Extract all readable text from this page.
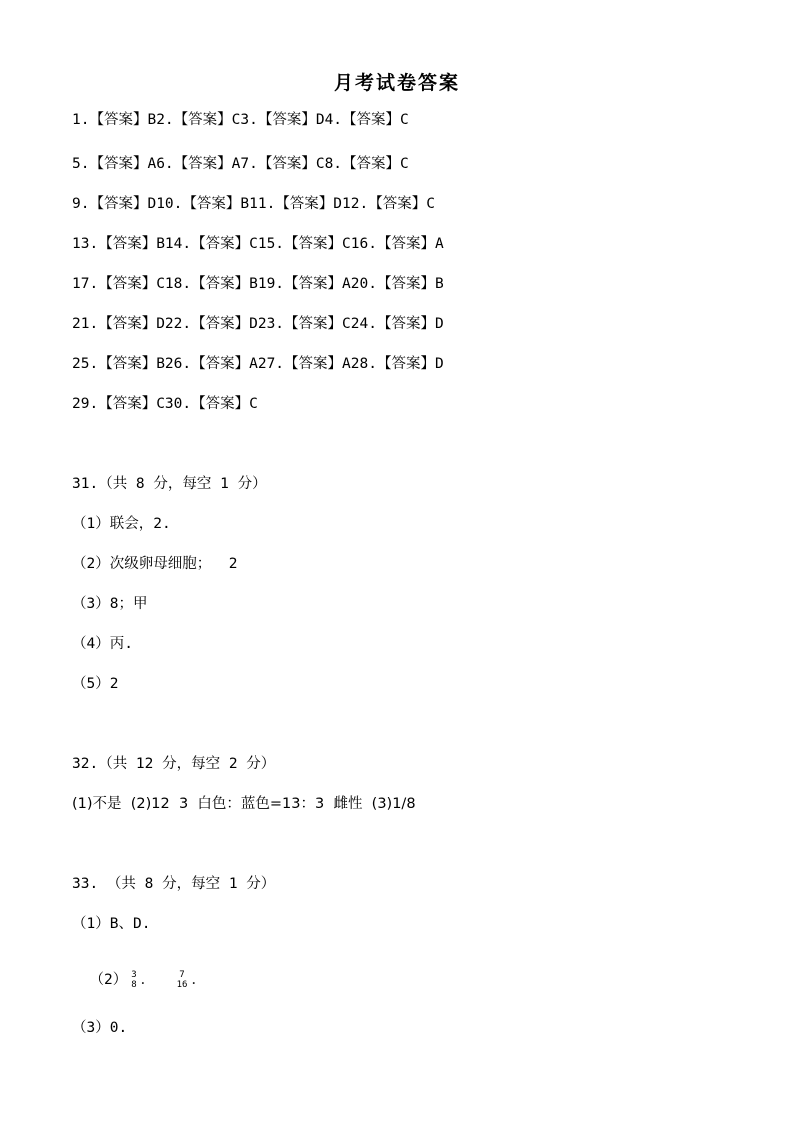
月考试卷答案
1.【答案】B2.【答案】C3.【答案】D4.【答案】C
5.【答案】A6.【答案】A7.【答案】C8.【答案】C
9.【答案】D10.【答案】B11.【答案】D12.【答案】C
13.【答案】B14.【答案】C15.【答案】C16.【答案】A
17.【答案】C18.【答案】B19.【答案】A20.【答案】B
21.【答案】D22.【答案】D23.【答案】C24.【答案】D
25.【答案】B26.【答案】A27.【答案】A28.【答案】D
29.【答案】C30.【答案】C
31.（共 8 分，每空 1 分）
（1）联会，2.
（2）次级卵母细胞；  2
（3）8；甲
（4）丙.
（5）2
32.（共 12 分，每空 2 分）
(1)不是  (2)12  3  白色：蓝色=13：3  雌性  (3)1/8
33. （共 8 分，每空 1 分）
（1）B、D.

（2） 3
8 ．	7
16 ．

（3）0.
